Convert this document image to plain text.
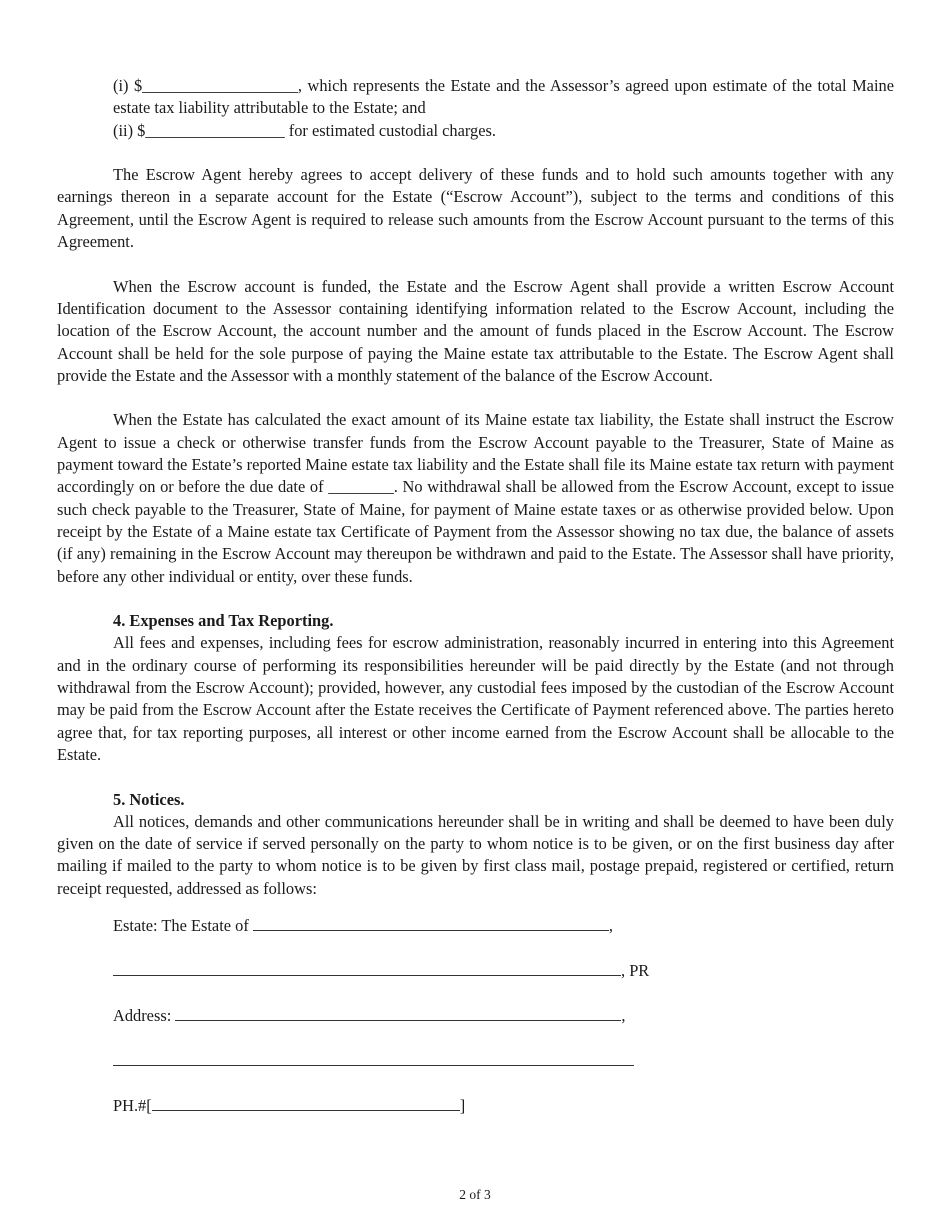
(i) $___________________, which represents the Estate and the Assessor’s agreed upon estimate of the total Maine estate tax liability attributable to the Estate; and
(ii) $_________________ for estimated custodial charges.

The Escrow Agent hereby agrees to accept delivery of these funds and to hold such amounts together with any earnings thereon in a separate account for the Estate (“Escrow Account”), subject to the terms and conditions of this Agreement, until the Escrow Agent is required to release such amounts from the Escrow Account pursuant to the terms of this Agreement.

When the Escrow account is funded, the Estate and the Escrow Agent shall provide a written Escrow Account Identification document to the Assessor containing identifying information related to the Escrow Account, including the location of the Escrow Account, the account number and the amount of funds placed in the Escrow Account. The Escrow Account shall be held for the sole purpose of paying the Maine estate tax attributable to the Estate. The Escrow Agent shall provide the Estate and the Assessor with a monthly statement of the balance of the Escrow Account.

When the Estate has calculated the exact amount of its Maine estate tax liability, the Estate shall instruct the Escrow Agent to issue a check or otherwise transfer funds from the Escrow Account payable to the Treasurer, State of Maine as payment toward the Estate’s reported Maine estate tax liability and the Estate shall file its Maine estate tax return with payment accordingly on or before the due date of ________. No withdrawal shall be allowed from the Escrow Account, except to issue such check payable to the Treasurer, State of Maine, for payment of Maine estate taxes or as otherwise provided below. Upon receipt by the Estate of a Maine estate tax Certificate of Payment from the Assessor showing no tax due, the balance of assets (if any) remaining in the Escrow Account may thereupon be withdrawn and paid to the Estate. The Assessor shall have priority, before any other individual or entity, over these funds.

4. Expenses and Tax Reporting.

All fees and expenses, including fees for escrow administration, reasonably incurred in entering into this Agreement and in the ordinary course of performing its responsibilities hereunder will be paid directly by the Estate (and not through withdrawal from the Escrow Account); provided, however, any custodial fees imposed by the custodian of the Escrow Account may be paid from the Escrow Account after the Estate receives the Certificate of Payment referenced above. The parties hereto agree that, for tax reporting purposes, all interest or other income earned from the Escrow Account shall be allocable to the Estate.

5. Notices.

All notices, demands and other communications hereunder shall be in writing and shall be deemed to have been duly given on the date of service if served personally on the party to whom notice is to be given, or on the first business day after mailing if mailed to the party to whom notice is to be given by first class mail, postage prepaid, registered or certified, return receipt requested, addressed as follows:

Estate: The Estate of	,
, PR
Address:	,
PH.#[	]
2 of 3
